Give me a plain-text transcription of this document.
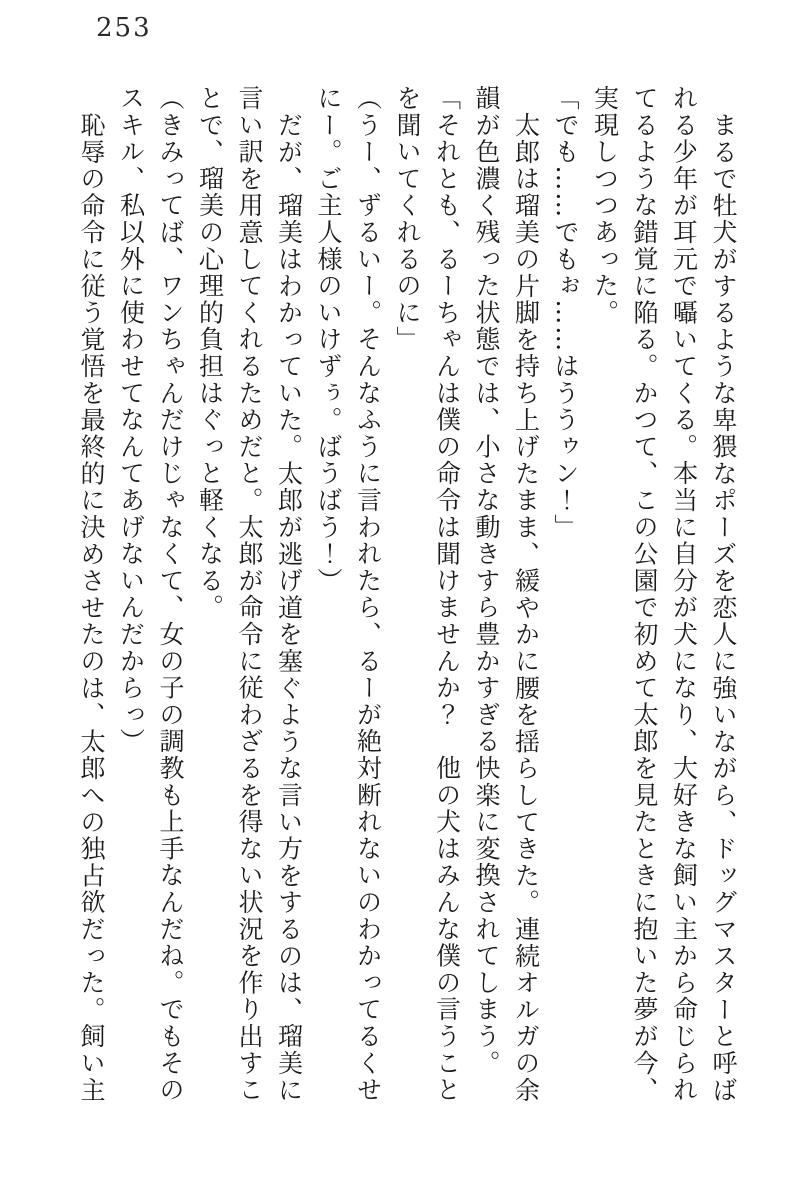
253
まるで牡犬がするような卑猥なポーズを恋人に強いながら、ドッグマスターと呼ば
れる少年が耳元で囁いてくる。本当に自分が犬になり、大好きな飼い主から命じられ
てるような錯覚に陥る。かつて、この公園で初めて太郎を見たときに抱いた夢が今、
実現しつつあった。
「でも……でもぉ……はううゥン！」
太郎は瑠美の片脚を持ち上げたまま、緩やかに腰を揺らしてきた。連続オルガの余
韻が色濃く残った状態では、小さな動きすら豊かすぎる快楽に変換されてしまう。
「それとも、るーちゃんは僕の命令は聞けませんか？　他の犬はみんな僕の言うこと
を聞いてくれるのに」
（うー、ずるいー。そんなふうに言われたら、るーが絶対断れないのわかってるくせ
にー。ご主人様のいけずぅ。ばうばう！）
だが、瑠美はわかっていた。太郎が逃げ道を塞ぐような言い方をするのは、瑠美に
言い訳を用意してくれるためだと。太郎が命令に従わざるを得ない状況を作り出すこ
とで、瑠美の心理的負担はぐっと軽くなる。
（きみってば、ワンちゃんだけじゃなくて、女の子の調教も上手なんだね。でもその
スキル、私以外に使わせてなんてあげないんだからっ）
恥辱の命令に従う覚悟を最終的に決めさせたのは、太郎への独占欲だった。飼い主
